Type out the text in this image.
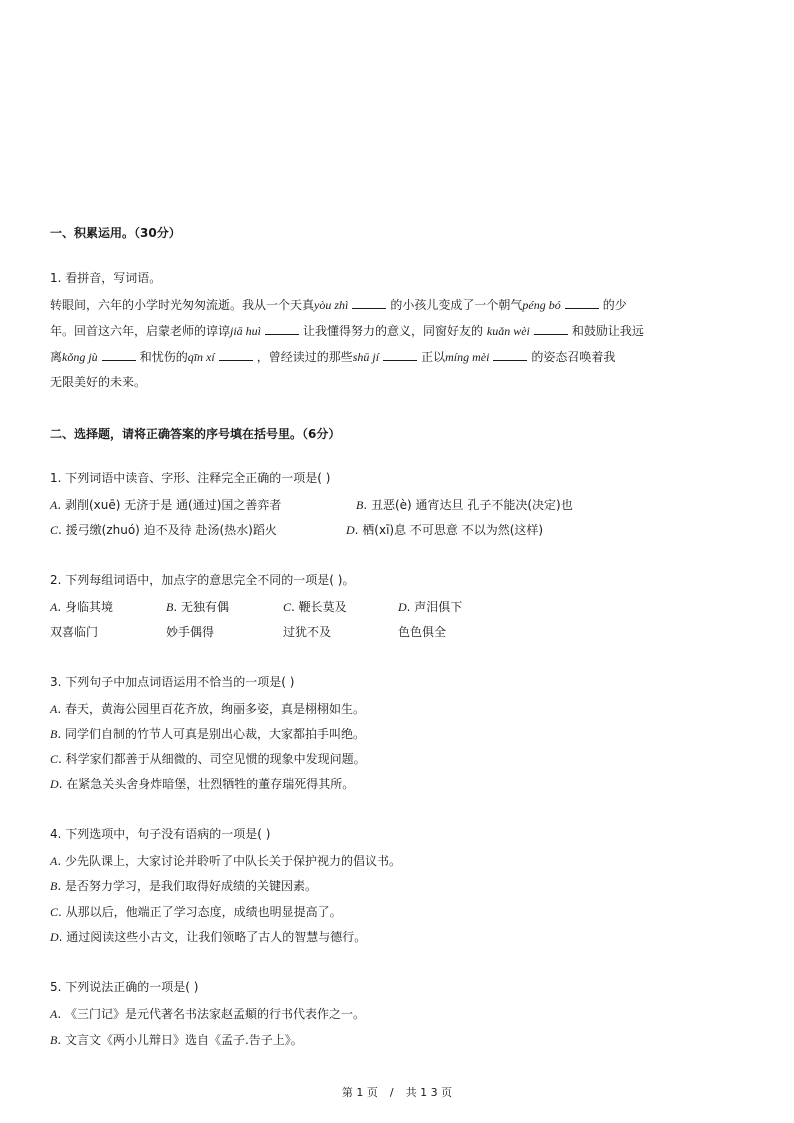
一、积累运用。（30分）
1. 看拼音，写词语。
转眼间，六年的小学时光匆匆流逝。我从一个天真yòu zhì	的小孩儿变成了一个朝气péng bó	的少
年。回首这六年，启蒙老师的谆谆jiā huì	让我懂得努力的意义，同窗好友的 kuǎn wèi	和鼓励让我远
离kǒng jù	和忧伤的qīn xí	，曾经读过的那些shū jí	正以míng mèi	的姿态召唤着我
无限美好的未来。
二、选择题，请将正确答案的序号填在括号里。（6分）
1. 下列词语中读音、字形、注释完全正确的一项是( )
A. 剥削(xuē) 无济于是 通(通过)国之善弈者	B. 丑恶(è) 通宵达旦 孔子不能决(决定)也
C. 援弓缴(zhuó) 迫不及待 赴汤(热水)蹈火	D. 栖(xī)息 不可思意 不以为然(这样)
2. 下列每组词语中，加点字的意思完全不同的一项是( )。
A. 身临其境	B. 无独有偶	C. 鞭长莫及	D. 声泪俱下
双喜临门	妙手偶得	过犹不及	色色俱全
3. 下列句子中加点词语运用不恰当的一项是( )
A. 春天，黄海公园里百花齐放，绚丽多姿，真是栩栩如生。
B. 同学们自制的竹节人可真是别出心裁，大家都拍手叫绝。
C. 科学家们都善于从细微的、司空见惯的现象中发现问题。
D. 在紧急关头舍身炸暗堡，壮烈牺牲的董存瑞死得其所。
4. 下列选项中，句子没有语病的一项是( )
A. 少先队课上，大家讨论并聆听了中队长关于保护视力的倡议书。
B. 是否努力学习，是我们取得好成绩的关键因素。
C. 从那以后，他端正了学习态度，成绩也明显提高了。
D. 通过阅读这些小古文，让我们领略了古人的智慧与德行。
5. 下列说法正确的一项是( )
A. 《三门记》是元代著名书法家赵孟頫的行书代表作之一。
B. 文言文《两小儿辩日》选自《孟子.告子上》。
第 1 页 / 共 1 3 页
